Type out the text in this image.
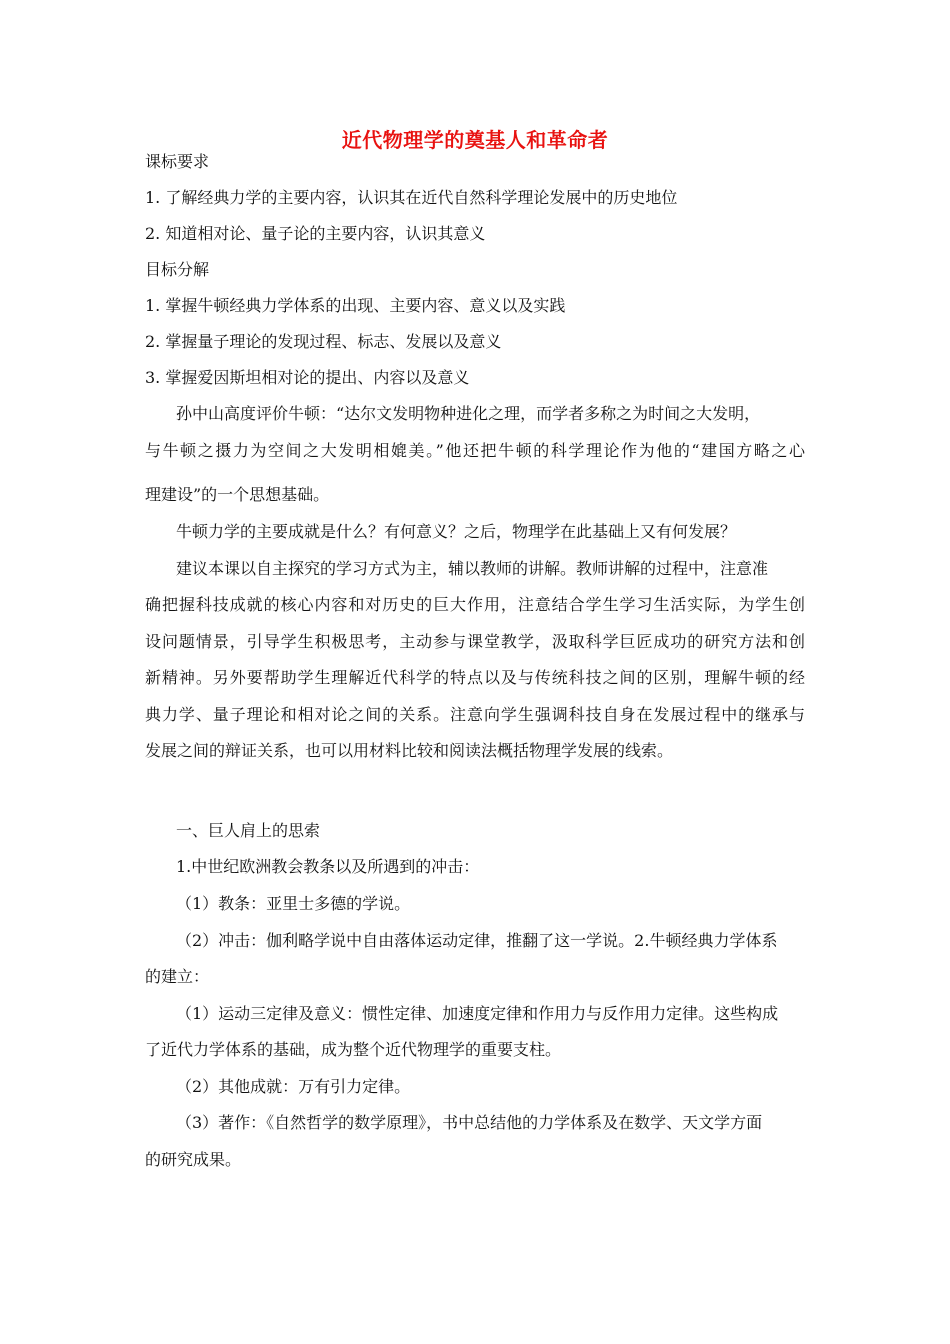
近代物理学的奠基人和革命者
课标要求
1. 了解经典力学的主要内容，认识其在近代自然科学理论发展中的历史地位
2. 知道相对论、量子论的主要内容，认识其意义
目标分解
1. 掌握牛顿经典力学体系的出现、主要内容、意义以及实践
2. 掌握量子理论的发现过程、标志、发展以及意义
3. 掌握爱因斯坦相对论的提出、内容以及意义
孙中山高度评价牛顿：“达尔文发明物种进化之理，而学者多称之为时间之大发明，
与牛顿之摄力为空间之大发明相媲美。”他还把牛顿的科学理论作为他的“建国方略之心
理建设”的一个思想基础。
牛顿力学的主要成就是什么？有何意义？之后，物理学在此基础上又有何发展？
建议本课以自主探究的学习方式为主，辅以教师的讲解。教师讲解的过程中，注意准
确把握科技成就的核心内容和对历史的巨大作用，注意结合学生学习生活实际，为学生创
设问题情景，引导学生积极思考，主动参与课堂教学，汲取科学巨匠成功的研究方法和创
新精神。另外要帮助学生理解近代科学的特点以及与传统科技之间的区别，理解牛顿的经
典力学、量子理论和相对论之间的关系。注意向学生强调科技自身在发展过程中的继承与
发展之间的辩证关系，也可以用材料比较和阅读法概括物理学发展的线索。
一、巨人肩上的思索
1.中世纪欧洲教会教条以及所遇到的冲击：
（1）教条：亚里士多德的学说。
（2）冲击：伽利略学说中自由落体运动定律，推翻了这一学说。2.牛顿经典力学体系
的建立：
（1）运动三定律及意义：惯性定律、加速度定律和作用力与反作用力定律。这些构成
了近代力学体系的基础，成为整个近代物理学的重要支柱。
（2）其他成就：万有引力定律。
（3）著作：《自然哲学的数学原理》，书中总结他的力学体系及在数学、天文学方面
的研究成果。
